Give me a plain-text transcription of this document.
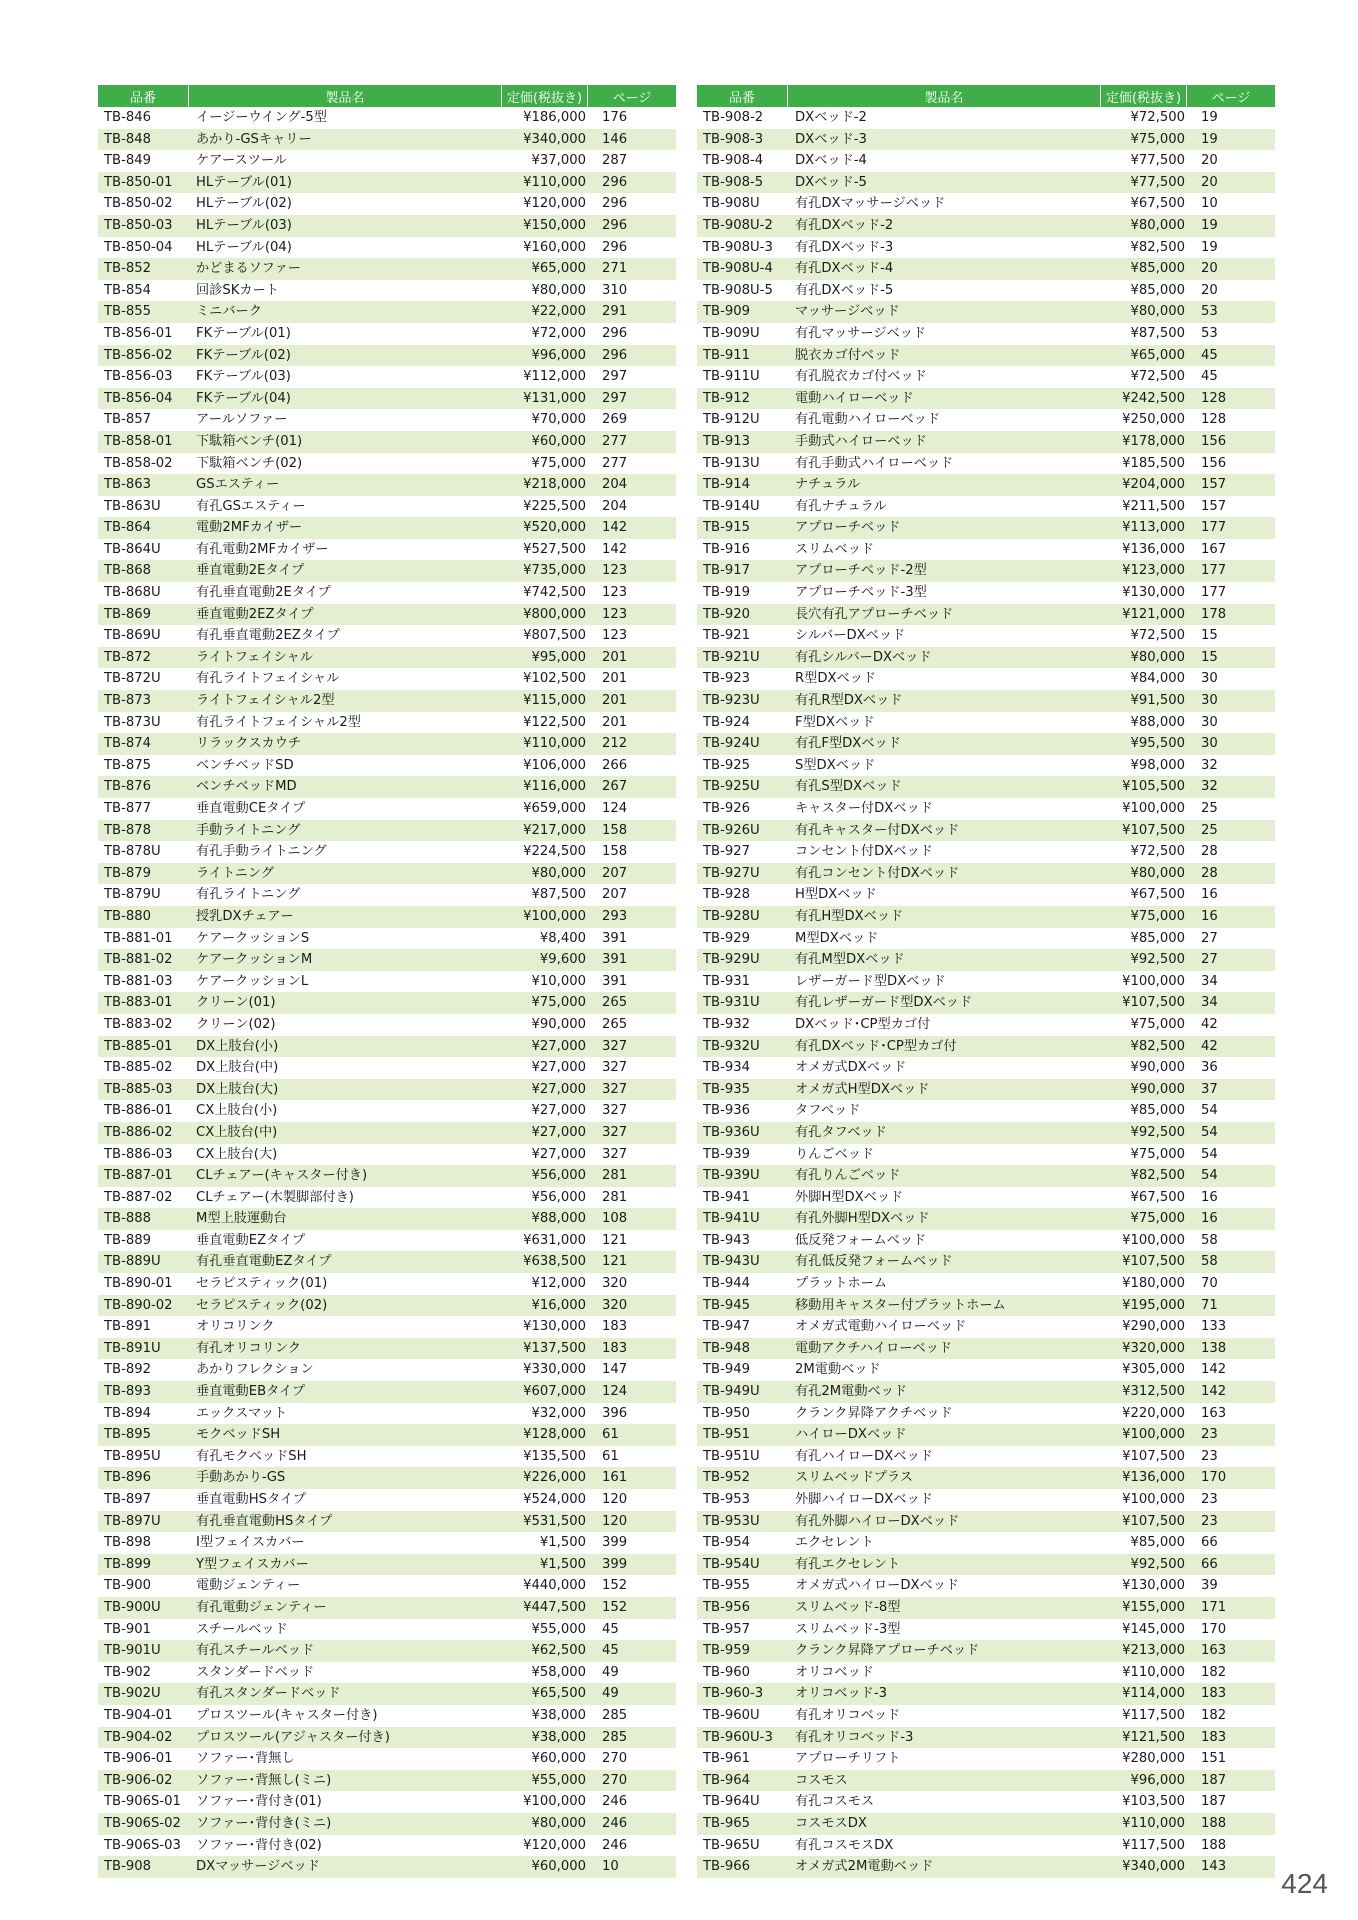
品番	製品名	定価(税抜き)	ページ
TB-846	イージーウイング-5型	¥186,000	176
TB-848	あかり-GSキャリー	¥340,000	146
TB-849	ケアースツール	¥37,000	287
TB-850-01	HLテーブル(01)	¥110,000	296
TB-850-02	HLテーブル(02)	¥120,000	296
TB-850-03	HLテーブル(03)	¥150,000	296
TB-850-04	HLテーブル(04)	¥160,000	296
TB-852	かどまるソファー	¥65,000	271
TB-854	回診SKカート	¥80,000	310
TB-855	ミニバーク	¥22,000	291
TB-856-01	FKテーブル(01)	¥72,000	296
TB-856-02	FKテーブル(02)	¥96,000	296
TB-856-03	FKテーブル(03)	¥112,000	297
TB-856-04	FKテーブル(04)	¥131,000	297
TB-857	アールソファー	¥70,000	269
TB-858-01	下駄箱ベンチ(01)	¥60,000	277
TB-858-02	下駄箱ベンチ(02)	¥75,000	277
TB-863	GSエスティー	¥218,000	204
TB-863U	有孔GSエスティー	¥225,500	204
TB-864	電動2MFカイザー	¥520,000	142
TB-864U	有孔電動2MFカイザー	¥527,500	142
TB-868	垂直電動2Eタイプ	¥735,000	123
TB-868U	有孔垂直電動2Eタイプ	¥742,500	123
TB-869	垂直電動2EZタイプ	¥800,000	123
TB-869U	有孔垂直電動2EZタイプ	¥807,500	123
TB-872	ライトフェイシャル	¥95,000	201
TB-872U	有孔ライトフェイシャル	¥102,500	201
TB-873	ライトフェイシャル2型	¥115,000	201
TB-873U	有孔ライトフェイシャル2型	¥122,500	201
TB-874	リラックスカウチ	¥110,000	212
TB-875	ベンチベッドSD	¥106,000	266
TB-876	ベンチベッドMD	¥116,000	267
TB-877	垂直電動CEタイプ	¥659,000	124
TB-878	手動ライトニング	¥217,000	158
TB-878U	有孔手動ライトニング	¥224,500	158
TB-879	ライトニング	¥80,000	207
TB-879U	有孔ライトニング	¥87,500	207
TB-880	授乳DXチェアー	¥100,000	293
TB-881-01	ケアークッションS	¥8,400	391
TB-881-02	ケアークッションM	¥9,600	391
TB-881-03	ケアークッションL	¥10,000	391
TB-883-01	クリーン(01)	¥75,000	265
TB-883-02	クリーン(02)	¥90,000	265
TB-885-01	DX上肢台(小)	¥27,000	327
TB-885-02	DX上肢台(中)	¥27,000	327
TB-885-03	DX上肢台(大)	¥27,000	327
TB-886-01	CX上肢台(小)	¥27,000	327
TB-886-02	CX上肢台(中)	¥27,000	327
TB-886-03	CX上肢台(大)	¥27,000	327
TB-887-01	CLチェアー(キャスター付き)	¥56,000	281
TB-887-02	CLチェアー(木製脚部付き)	¥56,000	281
TB-888	M型上肢運動台	¥88,000	108
TB-889	垂直電動EZタイプ	¥631,000	121
TB-889U	有孔垂直電動EZタイプ	¥638,500	121
TB-890-01	セラピスティック(01)	¥12,000	320
TB-890-02	セラピスティック(02)	¥16,000	320
TB-891	オリコリンク	¥130,000	183
TB-891U	有孔オリコリンク	¥137,500	183
TB-892	あかりフレクション	¥330,000	147
TB-893	垂直電動EBタイプ	¥607,000	124
TB-894	エックスマット	¥32,000	396
TB-895	モクベッドSH	¥128,000	61
TB-895U	有孔モクベッドSH	¥135,500	61
TB-896	手動あかり-GS	¥226,000	161
TB-897	垂直電動HSタイプ	¥524,000	120
TB-897U	有孔垂直電動HSタイプ	¥531,500	120
TB-898	I型フェイスカバー	¥1,500	399
TB-899	Y型フェイスカバー	¥1,500	399
TB-900	電動ジェンティー	¥440,000	152
TB-900U	有孔電動ジェンティー	¥447,500	152
TB-901	スチールベッド	¥55,000	45
TB-901U	有孔スチールベッド	¥62,500	45
TB-902	スタンダードベッド	¥58,000	49
TB-902U	有孔スタンダードベッド	¥65,500	49
TB-904-01	プロスツール(キャスター付き)	¥38,000	285
TB-904-02	プロスツール(アジャスター付き)	¥38,000	285
TB-906-01	ソファー･背無し	¥60,000	270
TB-906-02	ソファー･背無し(ミニ)	¥55,000	270
TB-906S-01	ソファー･背付き(01)	¥100,000	246
TB-906S-02	ソファー･背付き(ミニ)	¥80,000	246
TB-906S-03	ソファー･背付き(02)	¥120,000	246
TB-908	DXマッサージベッド	¥60,000	10
品番	製品名	定価(税抜き)	ページ
TB-908-2	DXベッド-2	¥72,500	19
TB-908-3	DXベッド-3	¥75,000	19
TB-908-4	DXベッド-4	¥77,500	20
TB-908-5	DXベッド-5	¥77,500	20
TB-908U	有孔DXマッサージベッド	¥67,500	10
TB-908U-2	有孔DXベッド-2	¥80,000	19
TB-908U-3	有孔DXベッド-3	¥82,500	19
TB-908U-4	有孔DXベッド-4	¥85,000	20
TB-908U-5	有孔DXベッド-5	¥85,000	20
TB-909	マッサージベッド	¥80,000	53
TB-909U	有孔マッサージベッド	¥87,500	53
TB-911	脱衣カゴ付ベッド	¥65,000	45
TB-911U	有孔脱衣カゴ付ベッド	¥72,500	45
TB-912	電動ハイローベッド	¥242,500	128
TB-912U	有孔電動ハイローベッド	¥250,000	128
TB-913	手動式ハイローベッド	¥178,000	156
TB-913U	有孔手動式ハイローベッド	¥185,500	156
TB-914	ナチュラル	¥204,000	157
TB-914U	有孔ナチュラル	¥211,500	157
TB-915	アプローチベッド	¥113,000	177
TB-916	スリムベッド	¥136,000	167
TB-917	アプローチベッド-2型	¥123,000	177
TB-919	アプローチベッド-3型	¥130,000	177
TB-920	長穴有孔アプローチベッド	¥121,000	178
TB-921	シルバーDXベッド	¥72,500	15
TB-921U	有孔シルバーDXベッド	¥80,000	15
TB-923	R型DXベッド	¥84,000	30
TB-923U	有孔R型DXベッド	¥91,500	30
TB-924	F型DXベッド	¥88,000	30
TB-924U	有孔F型DXベッド	¥95,500	30
TB-925	S型DXベッド	¥98,000	32
TB-925U	有孔S型DXベッド	¥105,500	32
TB-926	キャスター付DXベッド	¥100,000	25
TB-926U	有孔キャスター付DXベッド	¥107,500	25
TB-927	コンセント付DXベッド	¥72,500	28
TB-927U	有孔コンセント付DXベッド	¥80,000	28
TB-928	H型DXベッド	¥67,500	16
TB-928U	有孔H型DXベッド	¥75,000	16
TB-929	M型DXベッド	¥85,000	27
TB-929U	有孔M型DXベッド	¥92,500	27
TB-931	レザーガード型DXベッド	¥100,000	34
TB-931U	有孔レザーガード型DXベッド	¥107,500	34
TB-932	DXベッド･CP型カゴ付	¥75,000	42
TB-932U	有孔DXベッド･CP型カゴ付	¥82,500	42
TB-934	オメガ式DXベッド	¥90,000	36
TB-935	オメガ式H型DXベッド	¥90,000	37
TB-936	タフベッド	¥85,000	54
TB-936U	有孔タフベッド	¥92,500	54
TB-939	りんごベッド	¥75,000	54
TB-939U	有孔りんごベッド	¥82,500	54
TB-941	外脚H型DXベッド	¥67,500	16
TB-941U	有孔外脚H型DXベッド	¥75,000	16
TB-943	低反発フォームベッド	¥100,000	58
TB-943U	有孔低反発フォームベッド	¥107,500	58
TB-944	プラットホーム	¥180,000	70
TB-945	移動用キャスター付プラットホーム	¥195,000	71
TB-947	オメガ式電動ハイローベッド	¥290,000	133
TB-948	電動アクチハイローベッド	¥320,000	138
TB-949	2M電動ベッド	¥305,000	142
TB-949U	有孔2M電動ベッド	¥312,500	142
TB-950	クランク昇降アクチベッド	¥220,000	163
TB-951	ハイローDXベッド	¥100,000	23
TB-951U	有孔ハイローDXベッド	¥107,500	23
TB-952	スリムベッドプラス	¥136,000	170
TB-953	外脚ハイローDXベッド	¥100,000	23
TB-953U	有孔外脚ハイローDXベッド	¥107,500	23
TB-954	エクセレント	¥85,000	66
TB-954U	有孔エクセレント	¥92,500	66
TB-955	オメガ式ハイローDXベッド	¥130,000	39
TB-956	スリムベッド-8型	¥155,000	171
TB-957	スリムベッド-3型	¥145,000	170
TB-959	クランク昇降アプローチベッド	¥213,000	163
TB-960	オリコベッド	¥110,000	182
TB-960-3	オリコベッド-3	¥114,000	183
TB-960U	有孔オリコベッド	¥117,500	182
TB-960U-3	有孔オリコベッド-3	¥121,500	183
TB-961	アプローチリフト	¥280,000	151
TB-964	コスモス	¥96,000	187
TB-964U	有孔コスモス	¥103,500	187
TB-965	コスモスDX	¥110,000	188
TB-965U	有孔コスモスDX	¥117,500	188
TB-966	オメガ式2M電動ベッド	¥340,000	143
424
